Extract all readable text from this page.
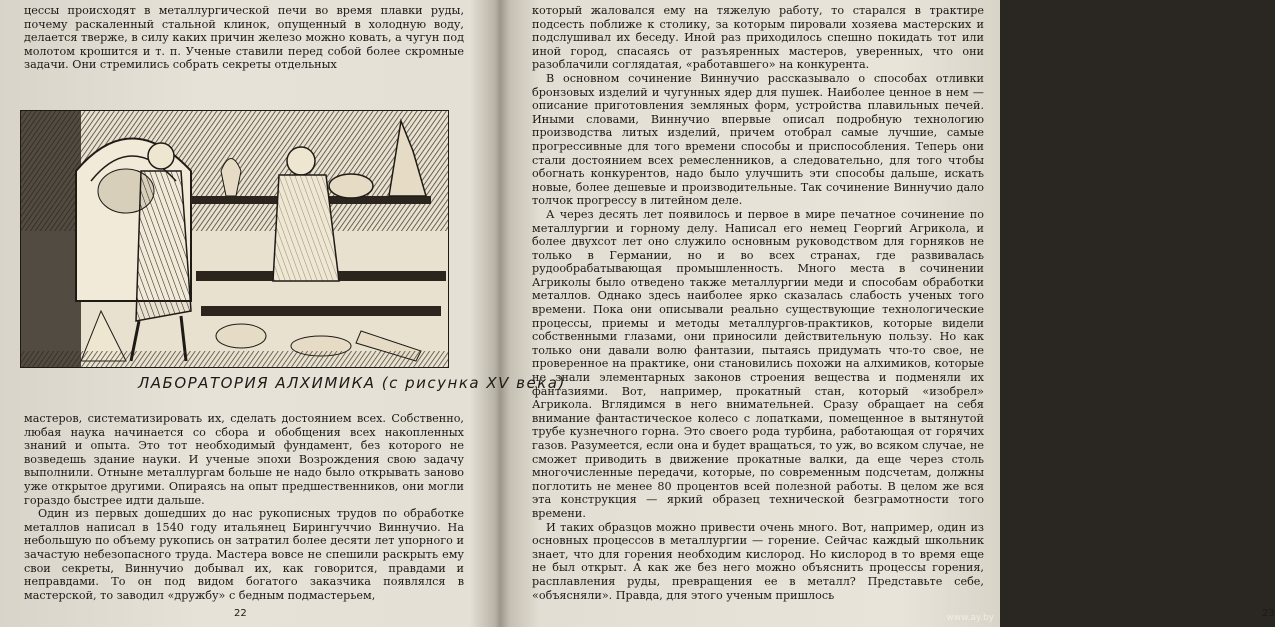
цессы происходят в металлургической печи во время плавки руды, почему раскаленный стальной клинок, опущенный в холодную воду, делается тверже, в силу каких причин железо можно ковать, а чугун под молотом крошится и т. п. Ученые ставили перед собой более скромные задачи. Они стремились собрать секреты отдельных

ЛАБОРАТОРИЯ АЛХИМИКА (с рисунка XV века)

мастеров, систематизировать их, сделать достоянием всех. Собственно, любая наука начинается со сбора и обобщения всех накопленных знаний и опыта. Это тот необходимый фундамент, без которого не возведешь здание науки. И ученые эпохи Возрождения свою задачу выполнили. Отныне металлургам больше не надо было открывать заново уже открытое другими. Опираясь на опыт предшественников, они могли гораздо быстрее идти дальше.

Один из первых дошедших до нас рукописных трудов по обработке металлов написал в 1540 году итальянец Бирингуччио Виннучио. На небольшую по объему рукопись он затратил более десяти лет упорного и зачастую небезопасного труда. Мастера вовсе не спешили раскрыть ему свои секреты, Виннучио добывал их, как говорится, правдами и неправдами. То он под видом богатого заказчика появлялся в мастерской, то заводил «дружбу» с бедным подмастерьем,

22

который жаловался ему на тяжелую работу, то старался в трактире подсесть поближе к столику, за которым пировали хозяева мастерских и подслушивал их беседу. Иной раз приходилось спешно покидать тот или иной город, спасаясь от разъяренных мастеров, уверенных, что они разоблачили соглядатая, «работавшего» на конкурента.

В основном сочинение Виннучио рассказывало о способах отливки бронзовых изделий и чугунных ядер для пушек. Наиболее ценное в нем — описание приготовления земляных форм, устройства плавильных печей. Иными словами, Виннучио впервые описал подробную технологию производства литых изделий, причем отобрал самые лучшие, самые прогрессивные для того времени способы и приспособления. Теперь они стали достоянием всех ремесленников, а следовательно, для того чтобы обогнать конкурентов, надо было улучшить эти способы дальше, искать новые, более дешевые и производительные. Так сочинение Виннучио дало толчок прогрессу в литейном деле.

А через десять лет появилось и первое в мире печатное сочинение по металлургии и горному делу. Написал его немец Георгий Агрикола, и более двухсот лет оно служило основным руководством для горняков не только в Германии, но и во всех странах, где развивалась рудообрабатывающая промышленность. Много места в сочинении Агриколы было отведено также металлургии меди и способам обработки металлов. Однако здесь наиболее ярко сказалась слабость ученых того времени. Пока они описывали реально существующие технологические процессы, приемы и методы металлургов-практиков, которые видели собственными глазами, они приносили действительную пользу. Но как только они давали волю фантазии, пытаясь придумать что-то свое, не проверенное на практике, они становились похожи на алхимиков, которые не знали элементарных законов строения вещества и подменяли их фантазиями. Вот, например, прокатный стан, который «изобрел» Агрикола. Вглядимся в него внимательней. Сразу обращает на себя внимание фантастическое колесо с лопатками, помещенное в вытянутой трубе кузнечного горна. Это своего рода турбина, работающая от горячих газов. Разумеется, если она и будет вращаться, то уж, во всяком случае, не сможет приводить в движение прокатные валки, да еще через столь многочисленные передачи, которые, по современным подсчетам, должны поглотить не менее 80 процентов всей полезной работы. В целом же вся эта конструкция — яркий образец технической безграмотности того времени.

И таких образцов можно привести очень много. Вот, например, один из основных процессов в металлургии — горение. Сейчас каждый школьник знает, что для горения необходим кислород. Но кислород в то время еще не был открыт. А как же без него можно объяснить процессы горения, расплавления руды, превращения ее в металл? Представьте себе, «объясняли». Правда, для этого ученым пришлось

23
www.ay.by
